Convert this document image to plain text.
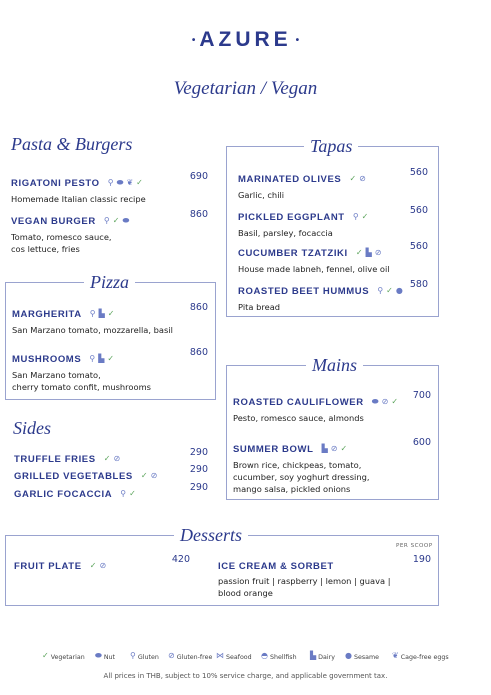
• AZURE •
Vegetarian / Vegan
Pasta & Burgers
RIGATONI PESTO ⚲ ⬬ ❦ ✓
Homemade Italian classic recipe
690
VEGAN BURGER ⚲ ✓ ⬬
Tomato, romesco sauce,
cos lettuce, fries
860
Pizza
MARGHERITA ⚲ ▙ ✓
San Marzano tomato, mozzarella, basil
860
MUSHROOMS ⚲ ▙ ✓
San Marzano tomato,
cherry tomato confit, mushrooms
860
Sides
TRUFFLE FRIES ✓ ⊘
290
GRILLED VEGETABLES ✓ ⊘
290
GARLIC FOCACCIA ⚲ ✓
290
Tapas
MARINATED OLIVES ✓ ⊘
Garlic, chili
560
PICKLED EGGPLANT ⚲ ✓
Basil, parsley, focaccia
560
CUCUMBER TZATZIKI ✓ ▙ ⊘
House made labneh, fennel, olive oil
560
ROASTED BEET HUMMUS ⚲ ✓ ●
Pita bread
580
Mains
ROASTED CAULIFLOWER ⬬ ⊘ ✓
Pesto, romesco sauce, almonds
700
SUMMER BOWL ▙ ⊘ ✓
Brown rice, chickpeas, tomato,
cucumber, soy yoghurt dressing,
mango salsa, pickled onions
600
Desserts
FRUIT PLATE ✓ ⊘
420
PER SCOOP
ICE CREAM & SORBET
passion fruit | raspberry | lemon | guava |
blood orange
190
✓ Vegetarian ⬬ Nut ⚲ Gluten ⊘ Gluten-free ⋈ Seafood ◓ Shellfish ▙ Dairy ● Sesame ❦ Cage-free eggs
All prices in THB, subject to 10% service charge, and applicable government tax.
